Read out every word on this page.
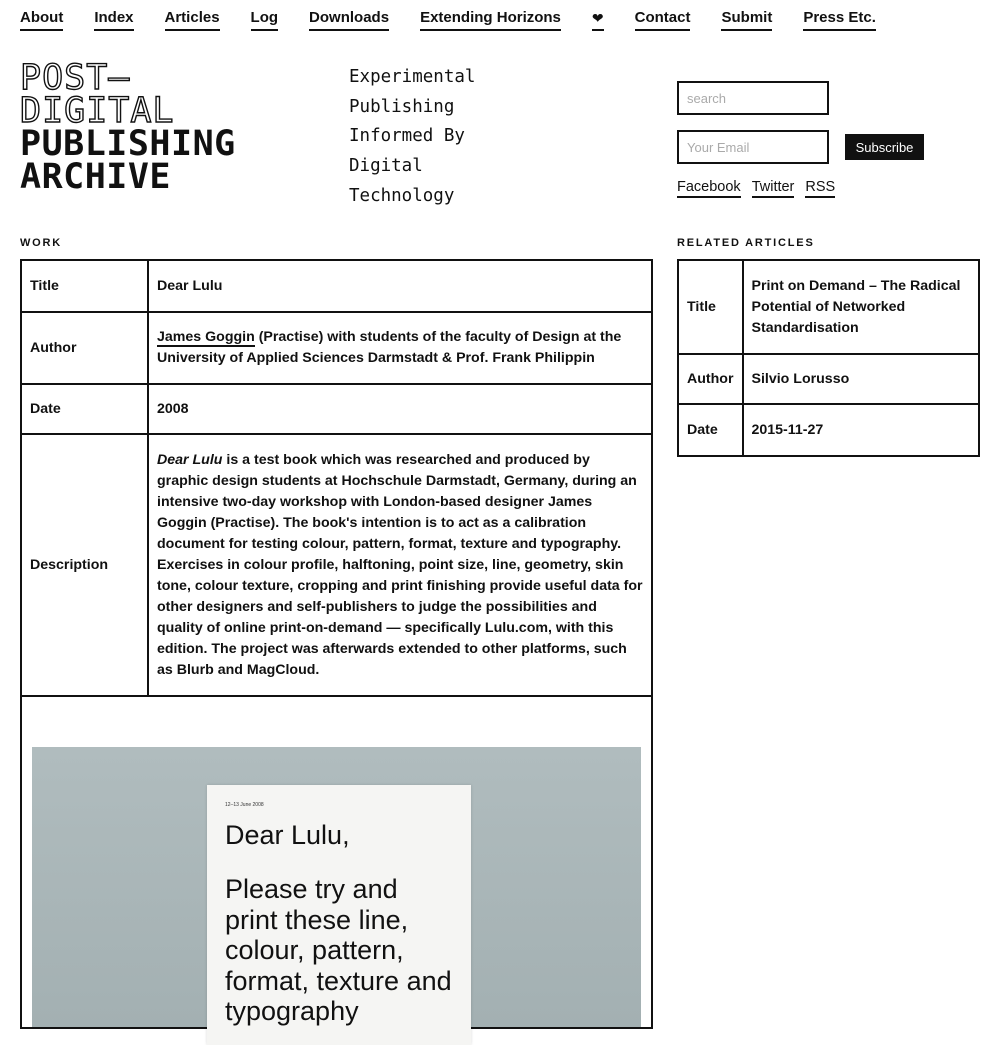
About Index Articles Log Downloads Extending Horizons ❤ Contact Submit Press Etc.
POST—
DIGITAL
PUBLISHING
ARCHIVE
Experimental
Publishing
Informed By
Digital
Technology
search
Your Email
Subscribe
Facebook Twitter RSS
WORK	RELATED ARTICLES
Title	Dear Lulu
Author	James Goggin (Practise) with students of the faculty of Design at the University of Applied Sciences Darmstadt & Prof. Frank Philippin
Date	2008
Description	Dear Lulu is a test book which was researched and produced by graphic design students at Hochschule Darmstadt, Germany, during an intensive two-day workshop with London-based designer James Goggin (Practise). The book's intention is to act as a calibration document for testing colour, pattern, format, texture and typography. Exercises in colour profile, halftoning, point size, line, geometry, skin tone, colour texture, cropping and print finishing provide useful data for other designers and self-publishers to judge the possibilities and quality of online print-on-demand — specifically Lulu.com, with this edition. The project was afterwards extended to other platforms, such as Blurb and MagCloud.

12–13 June 2008
Dear Lulu,
Please try and print these line, colour, pattern, format, texture and typography	
Title	Print on Demand – The Radical Potential of Networked Standardisation
Author	Silvio Lorusso
Date	2015-11-27
